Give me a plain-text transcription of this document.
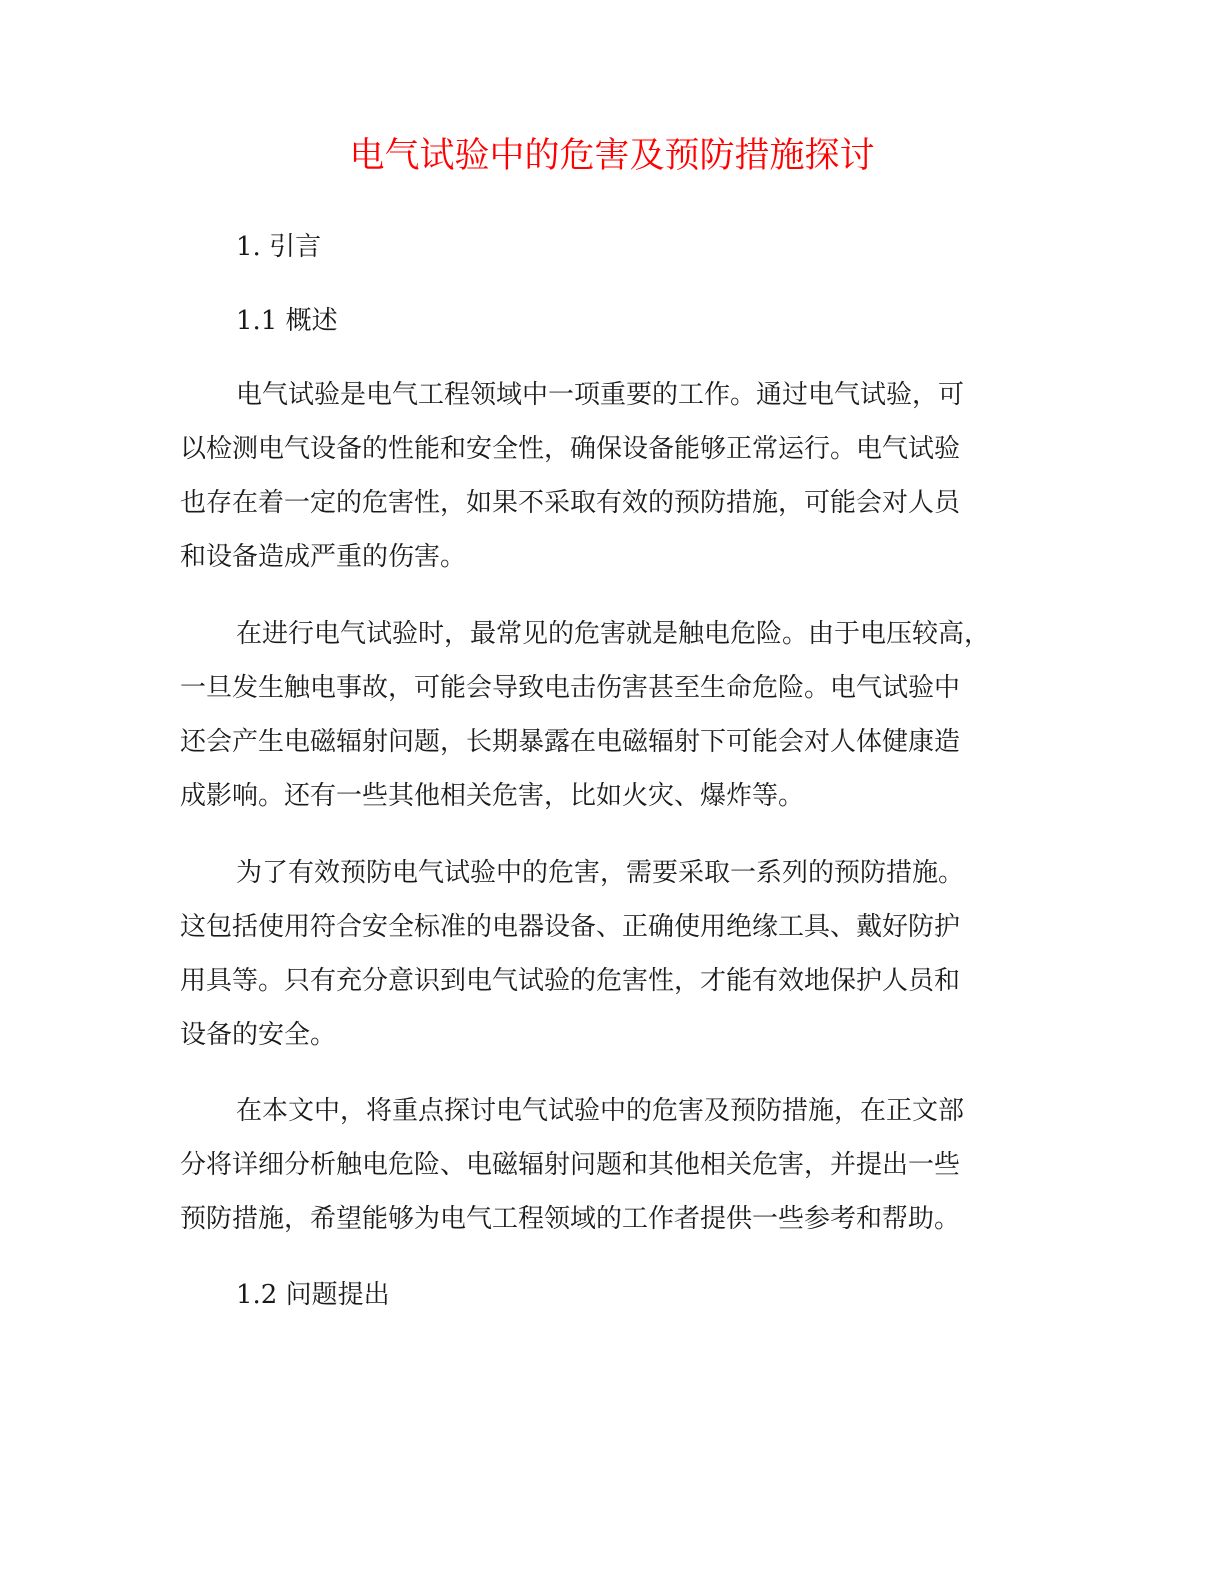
电气试验中的危害及预防措施探讨
1. 引言
1.1 概述
电气试验是电气工程领域中一项重要的工作。通过电气试验，可
以检测电气设备的性能和安全性，确保设备能够正常运行。电气试验
也存在着一定的危害性，如果不采取有效的预防措施，可能会对人员
和设备造成严重的伤害。
在进行电气试验时，最常见的危害就是触电危险。由于电压较高，
一旦发生触电事故，可能会导致电击伤害甚至生命危险。电气试验中
还会产生电磁辐射问题，长期暴露在电磁辐射下可能会对人体健康造
成影响。还有一些其他相关危害，比如火灾、爆炸等。
为了有效预防电气试验中的危害，需要采取一系列的预防措施。
这包括使用符合安全标准的电器设备、正确使用绝缘工具、戴好防护
用具等。只有充分意识到电气试验的危害性，才能有效地保护人员和
设备的安全。
在本文中，将重点探讨电气试验中的危害及预防措施，在正文部
分将详细分析触电危险、电磁辐射问题和其他相关危害，并提出一些
预防措施，希望能够为电气工程领域的工作者提供一些参考和帮助。
1.2 问题提出
